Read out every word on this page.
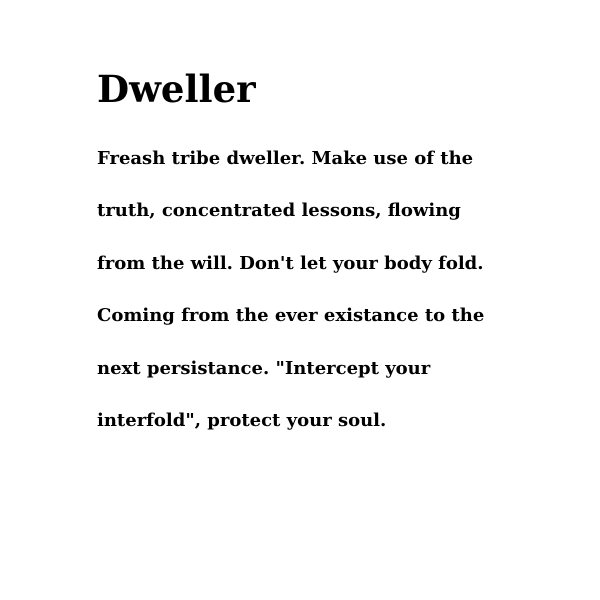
Dweller
Freash tribe dweller. Make use of the
truth, concentrated lessons, flowing
from the will. Don't let your body fold.
Coming from the ever existance to the
next persistance. "Intercept your
interfold", protect your soul.
